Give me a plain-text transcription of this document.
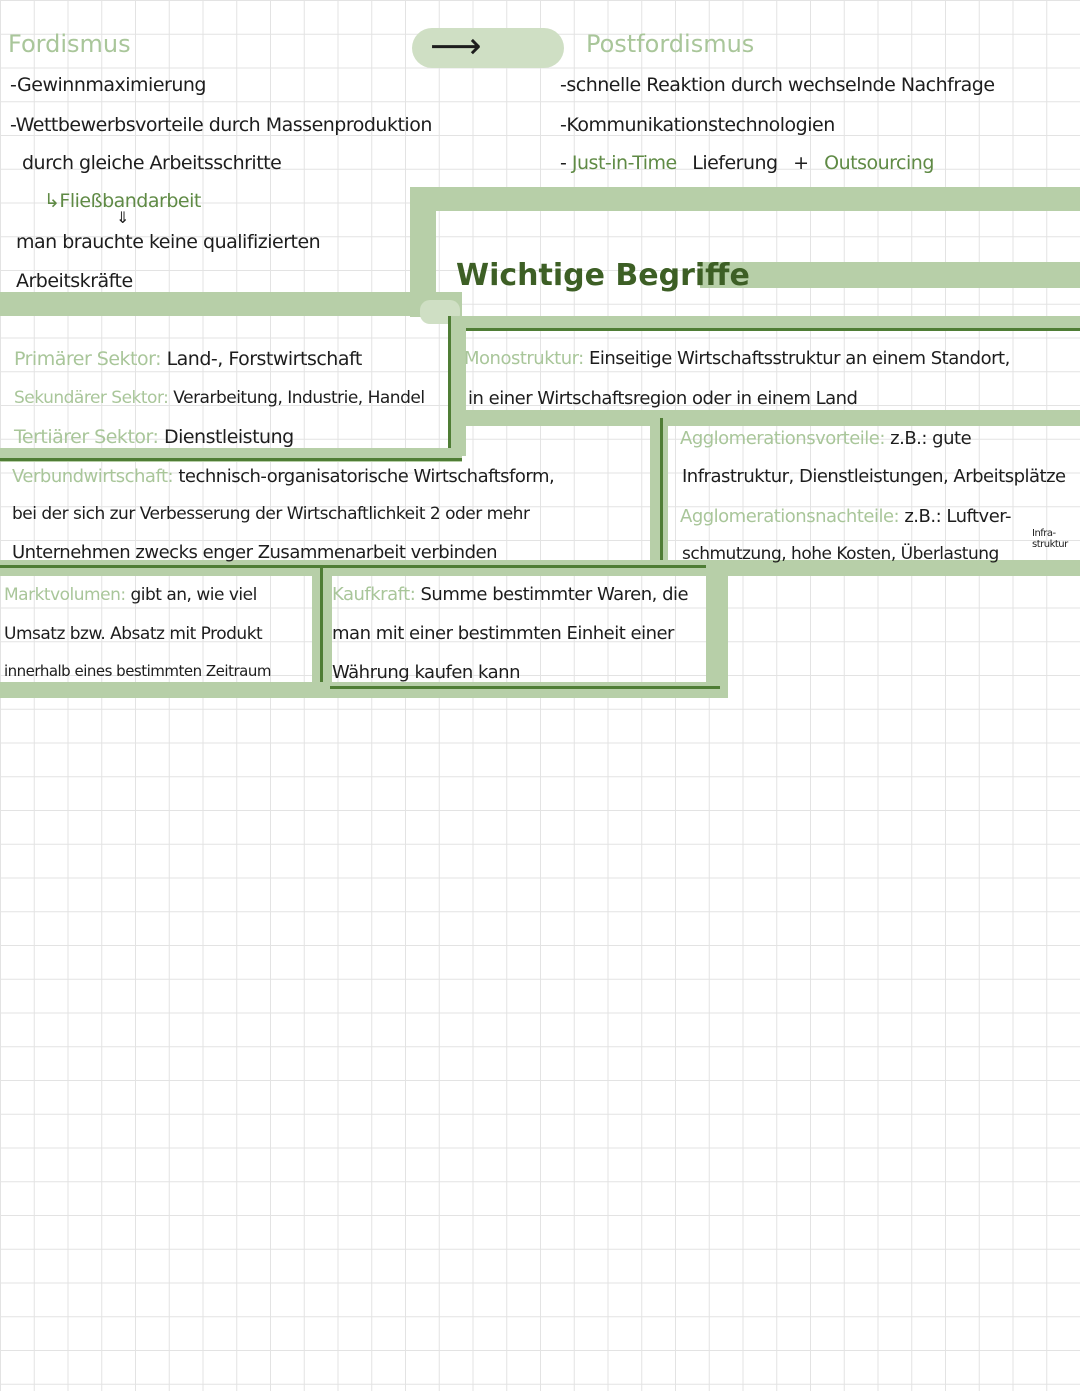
Fordismus
-Gewinnmaximierung
-Wettbewerbsvorteile durch Massenproduktion
durch gleiche Arbeitsschritte
↳Fließbandarbeit
⇓
man brauchte keine qualifizierten
Arbeitskräfte
⟶	Postfordismus
-schnelle Reaktion durch wechselnde Nachfrage
-Kommunikationstechnologien
- Just-in-Time Lieferung + Outsourcing
Wichtige Begriffe
Primärer Sektor: Land-, Forstwirtschaft
Sekundärer Sektor: Verarbeitung, Industrie, Handel
Tertiärer Sektor: Dienstleistung
Monostruktur: Einseitige Wirtschaftsstruktur an einem Standort,
in einer Wirtschaftsregion oder in einem Land
Agglomerationsvorteile: z.B.: gute
Infrastruktur, Dienstleistungen, Arbeitsplätze
Agglomerationsnachteile: z.B.: Luftver-
schmutzung, hohe Kosten, Überlastung
Infra-
struktur
Verbundwirtschaft: technisch-organisatorische Wirtschaftsform,
bei der sich zur Verbesserung der Wirtschaftlichkeit 2 oder mehr
Unternehmen zwecks enger Zusammenarbeit verbinden
Marktvolumen: gibt an, wie viel
Umsatz bzw. Absatz mit Produkt
innerhalb eines bestimmten Zeitraum
Kaufkraft: Summe bestimmter Waren, die
man mit einer bestimmten Einheit einer
Währung kaufen kann
